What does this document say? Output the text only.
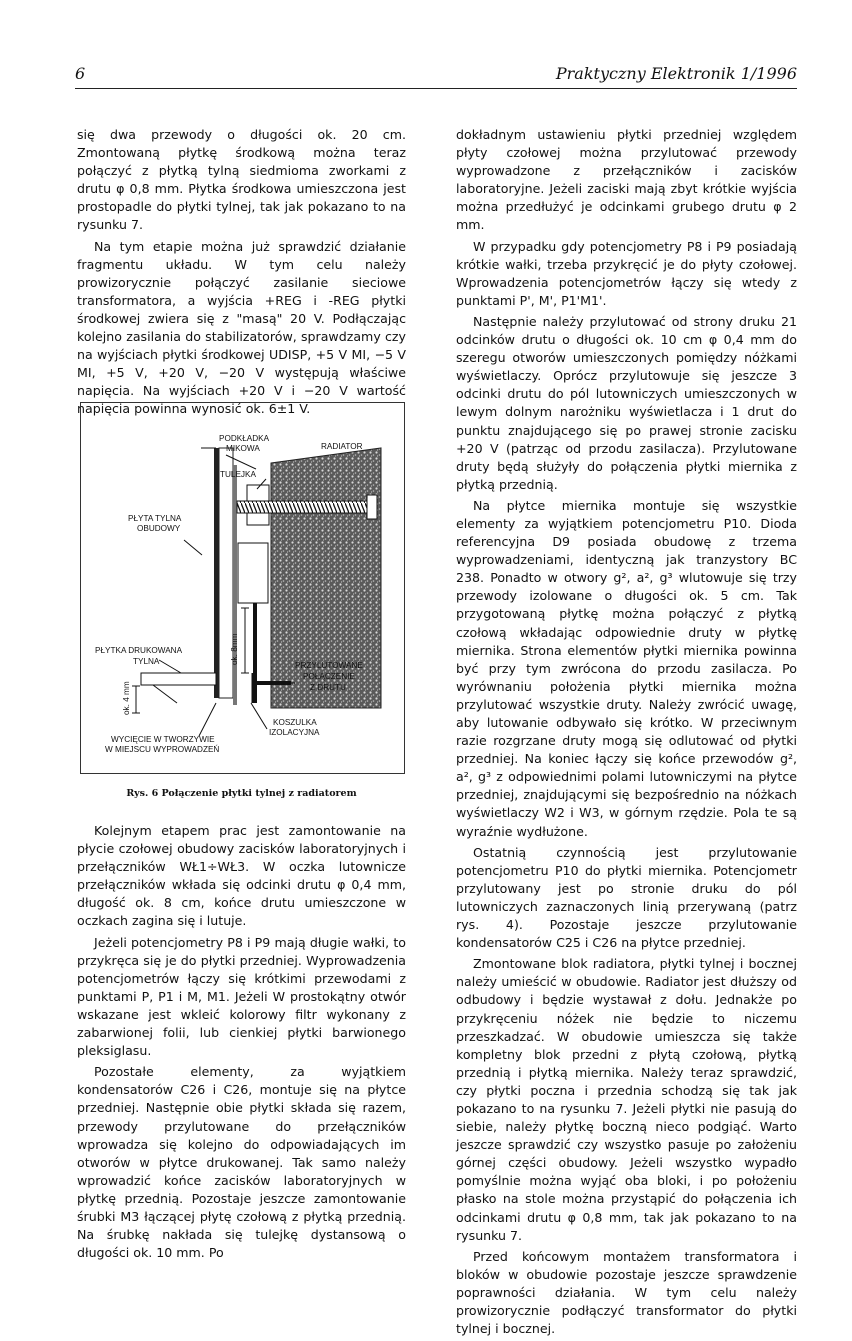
6	Praktyczny Elektronik 1/1996

się dwa przewody o długości ok. 20 cm. Zmontowaną płytkę środkową można teraz połączyć z płytką tylną siedmioma zworkami z drutu φ 0,8 mm. Płytka środkowa umieszczona jest prostopadle do płytki tylnej, tak jak pokazano to na rysunku 7.

Na tym etapie można już sprawdzić działanie fragmentu układu. W tym celu należy prowizorycznie połączyć zasilanie sieciowe transformatora, a wyjścia +REG i -REG płytki środkowej zwiera się z "masą" 20 V. Podłączając kolejno zasilania do stabilizatorów, sprawdzamy czy na wyjściach płytki środkowej UDISP, +5 V MI, −5 V MI, +5 V, +20 V, −20 V występują właściwe napięcia. Na wyjściach +20 V i −20 V wartość napięcia powinna wynosić ok. 6±1 V.

PODKŁADKA
MIKOWA	RADIATOR
TULEJKA
PŁYTA TYLNA
OBUDOWY
ok. 8mm
PŁYTKA DRUKOWANA
TYLNA	PRZYLUTOWANE
POŁĄCZENIE
Z DRUTU
ok. 4 mm
KOSZULKA
IZOLACYJNA
WYCIĘCIE W TWORZYWIE
W MIEJSCU WYPROWADZEŃ
Rys. 6 Połączenie płytki tylnej z radiatorem

Kolejnym etapem prac jest zamontowanie na płycie czołowej obudowy zacisków laboratoryjnych i przełączników WŁ1÷WŁ3. W oczka lutownicze przełączników wkłada się odcinki drutu φ 0,4 mm, długość ok. 8 cm, końce drutu umieszczone w oczkach zagina się i lutuje.

Jeżeli potencjometry P8 i P9 mają długie wałki, to przykręca się je do płytki przedniej. Wyprowadzenia potencjometrów łączy się krótkimi przewodami z punktami P, P1 i M, M1. Jeżeli W prostokątny otwór wskazane jest wkleić kolorowy filtr wykonany z zabarwionej folii, lub cienkiej płytki barwionego pleksiglasu.

Pozostałe elementy, za wyjątkiem kondensatorów C26 i C26, montuje się na płytce przedniej. Następnie obie płytki składa się razem, przewody przylutowane do przełączników wprowadza się kolejno do odpowiadających im otworów w płytce drukowanej. Tak samo należy wprowadzić końce zacisków laboratoryjnych w płytkę przednią. Pozostaje jeszcze zamontowanie śrubki M3 łączącej płytę czołową z płytką przednią. Na śrubkę nakłada się tulejkę dystansową o długości ok. 10 mm. Po

dokładnym ustawieniu płytki przedniej względem płyty czołowej można przylutować przewody wyprowadzone z przełączników i zacisków laboratoryjne. Jeżeli zaciski mają zbyt krótkie wyjścia można przedłużyć je odcinkami grubego drutu φ 2 mm.

W przypadku gdy potencjometry P8 i P9 posiadają krótkie wałki, trzeba przykręcić je do płyty czołowej. Wprowadzenia potencjometrów łączy się wtedy z punktami P', M', P1'M1'.

Następnie należy przylutować od strony druku 21 odcinków drutu o długości ok. 10 cm φ 0,4 mm do szeregu otworów umieszczonych pomiędzy nóżkami wyświetlaczy. Oprócz przylutowuje się jeszcze 3 odcinki drutu do pól lutowniczych umieszczonych w lewym dolnym narożniku wyświetlacza i 1 drut do punktu znajdującego się po prawej stronie zacisku +20 V (patrząc od przodu zasilacza). Przylutowane druty będą służyły do połączenia płytki miernika z płytką przednią.

Na płytce miernika montuje się wszystkie elementy za wyjątkiem potencjometru P10. Dioda referencyjna D9 posiada obudowę z trzema wyprowadzeniami, identyczną jak tranzystory BC 238. Ponadto w otwory g², a², g³ wlutowuje się trzy przewody izolowane o długości ok. 5 cm. Tak przygotowaną płytkę można połączyć z płytką czołową wkładając odpowiednie druty w płytkę miernika. Strona elementów płytki miernika powinna być przy tym zwrócona do przodu zasilacza. Po wyrównaniu położenia płytki miernika można przylutować wszystkie druty. Należy zwrócić uwagę, aby lutowanie odbywało się krótko. W przeciwnym razie rozgrzane druty mogą się odlutować od płytki przedniej. Na koniec łączy się końce przewodów g², a², g³ z odpowiednimi polami lutowniczymi na płytce przedniej, znajdującymi się bezpośrednio na nóżkach wyświetlaczy W2 i W3, w górnym rzędzie. Pola te są wyraźnie wydłużone.

Ostatnią czynnością jest przylutowanie potencjometru P10 do płytki miernika. Potencjometr przylutowany jest po stronie druku do pól lutowniczych zaznaczonych linią przerywaną (patrz rys. 4). Pozostaje jeszcze przylutowanie kondensatorów C25 i C26 na płytce przedniej.

Zmontowane blok radiatora, płytki tylnej i bocznej należy umieścić w obudowie. Radiator jest dłuższy od odbudowy i będzie wystawał z dołu. Jednakże po przykręceniu nóżek nie będzie to niczemu przeszkadzać. W obudowie umieszcza się także kompletny blok przedni z płytą czołową, płytką przednią i płytką miernika. Należy teraz sprawdzić, czy płytki poczna i przednia schodzą się tak jak pokazano to na rysunku 7. Jeżeli płytki nie pasują do siebie, należy płytkę boczną nieco podgiąć. Warto jeszcze sprawdzić czy wszystko pasuje po założeniu górnej części obudowy. Jeżeli wszystko wypadło pomyślnie można wyjąć oba bloki, i po położeniu płasko na stole można przystąpić do połączenia ich odcinkami drutu φ 0,8 mm, tak jak pokazano to na rysunku 7.

Przed końcowym montażem transformatora i bloków w obudowie pozostaje jeszcze sprawdzenie poprawności działania. W tym celu należy prowizorycznie podłączyć transformator do płytki tylnej i bocznej.
